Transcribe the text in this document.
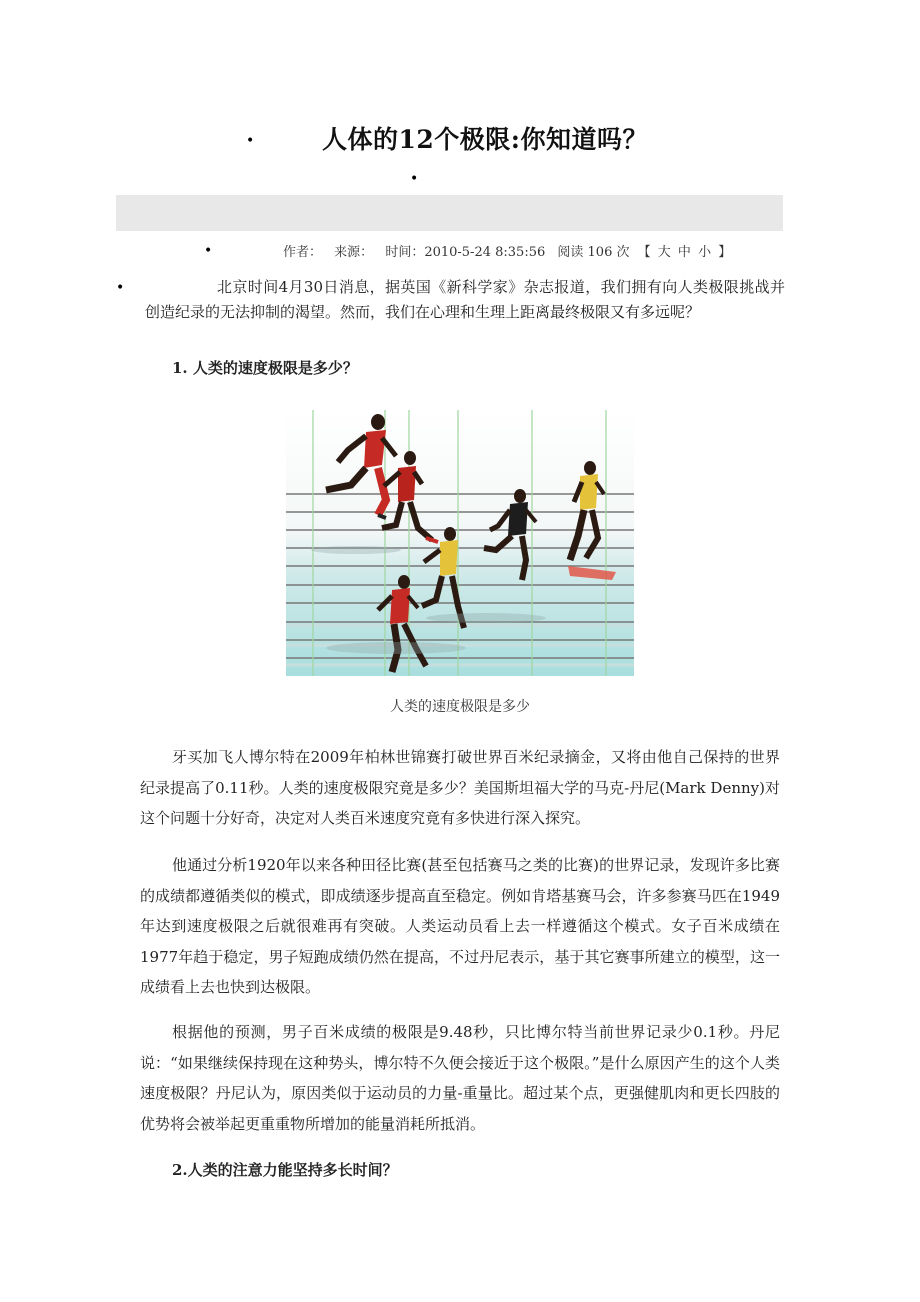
•
•
•
•
人体的12个极限:你知道吗？
作者： 来源： 时间：2010-5-24 8:35:56 阅读 106 次 【 大 中 小 】
北京时间4月30日消息，据英国《新科学家》杂志报道，我们拥有向人类极限挑战并创造纪录的无法抑制的渴望。然而，我们在心理和生理上距离最终极限又有多远呢？
1. 人类的速度极限是多少？
人类的速度极限是多少
牙买加飞人博尔特在2009年柏林世锦赛打破世界百米纪录摘金，又将由他自己保持的世界纪录提高了0.11秒。人类的速度极限究竟是多少？美国斯坦福大学的马克-丹尼(Mark Denny)对这个问题十分好奇，决定对人类百米速度究竟有多快进行深入探究。
他通过分析1920年以来各种田径比赛(甚至包括赛马之类的比赛)的世界记录，发现许多比赛的成绩都遵循类似的模式，即成绩逐步提高直至稳定。例如肯塔基赛马会，许多参赛马匹在1949年达到速度极限之后就很难再有突破。人类运动员看上去一样遵循这个模式。女子百米成绩在1977年趋于稳定，男子短跑成绩仍然在提高，不过丹尼表示，基于其它赛事所建立的模型，这一成绩看上去也快到达极限。
根据他的预测，男子百米成绩的极限是9.48秒，只比博尔特当前世界记录少0.1秒。丹尼说：“如果继续保持现在这种势头，博尔特不久便会接近于这个极限。”是什么原因产生的这个人类速度极限？丹尼认为，原因类似于运动员的力量-重量比。超过某个点，更强健肌肉和更长四肢的优势将会被举起更重重物所增加的能量消耗所抵消。
2.人类的注意力能坚持多长时间？
